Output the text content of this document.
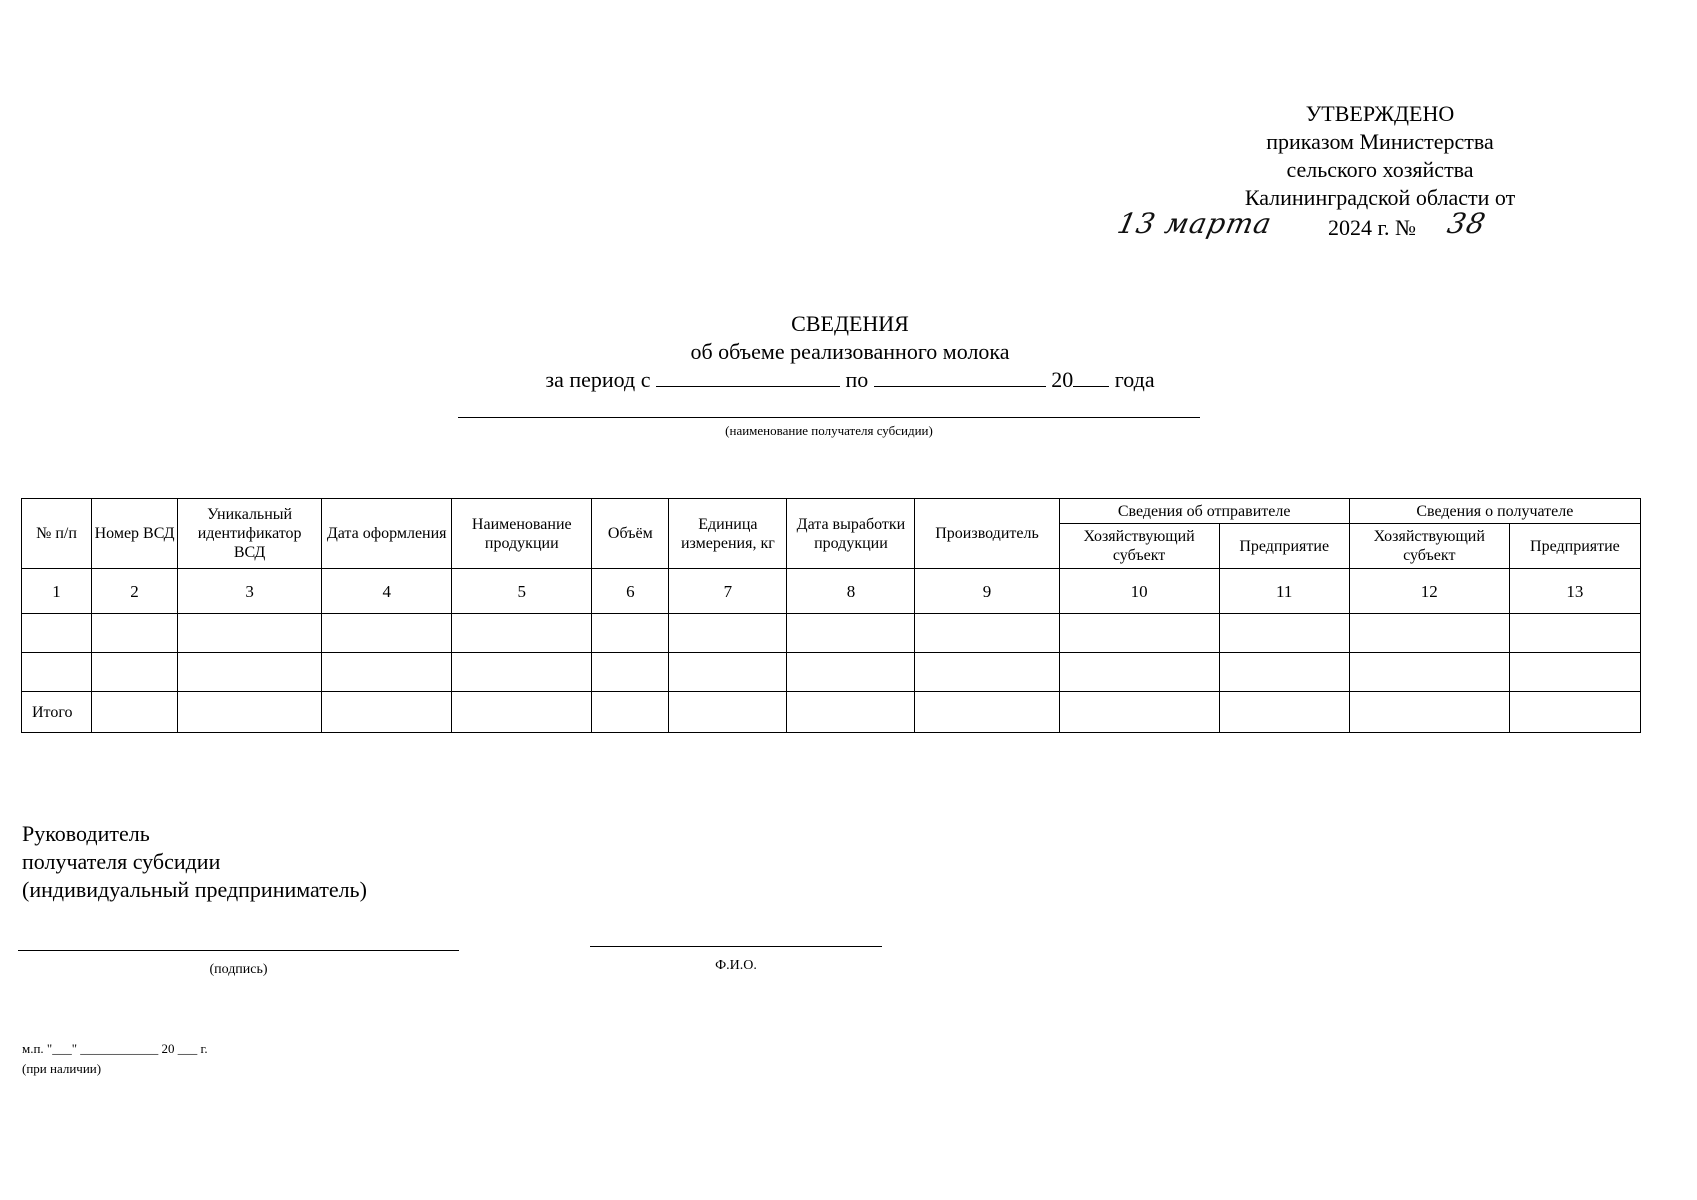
УТВЕРЖДЕНО
приказом Министерства
сельского хозяйства
Калининградской области от
13 марта 2024 г. № 38
СВЕДЕНИЯ
об объеме реализованного молока
за период с	по	20 года
(наименование получателя субсидии)
№ п/п	Номер ВСД	Уникальный идентификатор ВСД	Дата оформления	Наименование продукции	Объём	Единица измерения, кг	Дата выработки продукции	Производитель	Сведения об отправителе		Сведения о получателе	
									Хозяйствующий субъект	Предприятие	Хозяйствующий субъект	Предприятие
1	2	3	4	5	6	7	8	9	10	11	12	13

Итого												
Руководитель
получателя субсидии
(индивидуальный предприниматель)
(подпись)	Ф.И.О.
м.п. "___" ____________ 20 ___ г.
(при наличии)
